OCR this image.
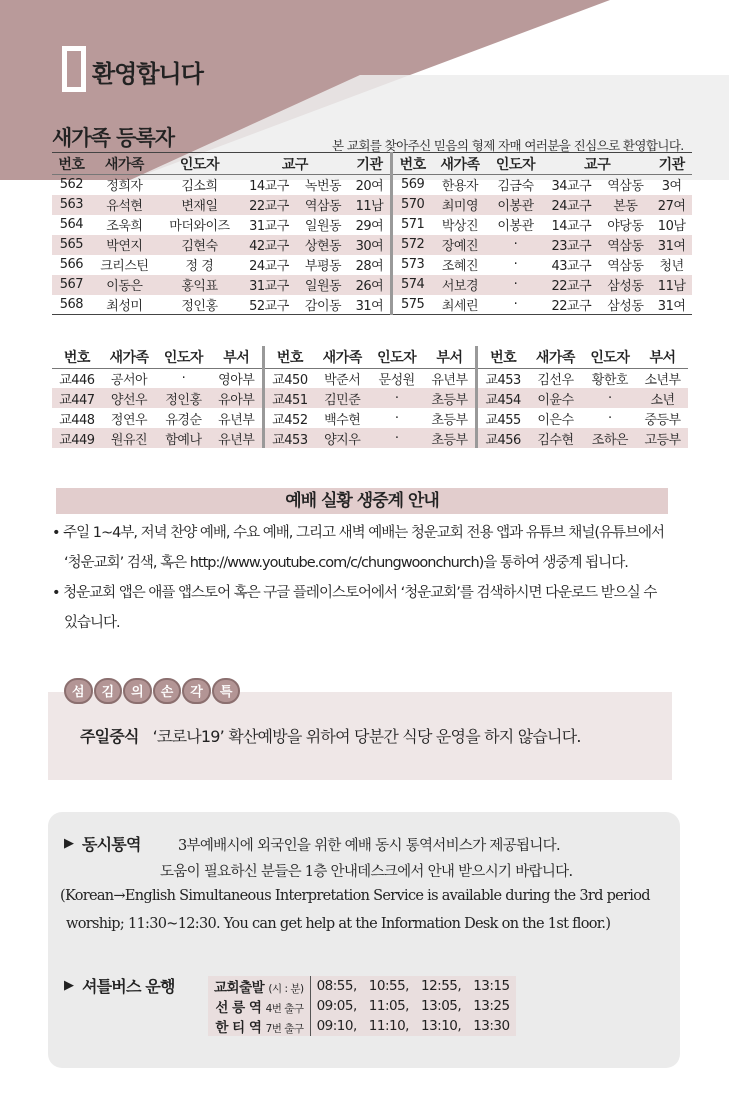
환영합니다
새가족 등록자	본 교회를 찾아주신 믿음의 형제 자매 여러분을 진심으로 환영합니다.
번호	새가족	인도자	교구		기관	번호	새가족	인도자	교구		기관
562	정희자	김소희	14교구	녹번동	20여	569	한용자	김금숙	34교구	역삼동	3여
563	유석현	변재일	22교구	역삼동	11남	570	최미영	이봉관	24교구	본동	27여
564	조욱희	마더와이즈	31교구	일원동	29여	571	박상진	이봉관	14교구	야당동	10남
565	박연지	김현숙	42교구	상현동	30여	572	장예진	·	23교구	역삼동	31여
566	크리스틴	정 경	24교구	부평동	28여	573	조혜진	·	43교구	역삼동	청년
567	이동은	홍익표	31교구	일원동	26여	574	서보경	·	22교구	삼성동	11남
568	최성미	정인홍	52교구	감이동	31여	575	최세린	·	22교구	삼성동	31여
번호	새가족	인도자	부서	번호	새가족	인도자	부서	번호	새가족	인도자	부서
교446	공서아	·	영아부	교450	박준서	문성원	유년부	교453	김선우	황한호	소년부
교447	양선우	정인홍	유아부	교451	김민준	·	초등부	교454	이윤수	·	소년
교448	정연우	유경순	유년부	교452	백수현	·	초등부	교455	이은수	·	중등부
교449	원유진	함예나	유년부	교453	양지우	·	초등부	교456	김수현	조하은	고등부
예배 실황 생중계 안내

• 주일 1~4부, 저녁 찬양 예배, 수요 예배, 그리고 새벽 예배는 청운교회 전용 앱과 유튜브 채널(유튜브에서 ‘청운교회’ 검색, 혹은 http://www.youtube.com/c/chungwoonchurch)을 통하여 생중계 됩니다.

• 청운교회 앱은 애플 앱스토어 혹은 구글 플레이스토어에서 ‘청운교회’를 검색하시면 다운로드 받으실 수 있습니다.

섬	김	의	손	각	특
주일중식 ‘코로나19’ 확산예방을 위하여 당분간 식당 운영을 하지 않습니다.
▶ 동시통역	3부예배시에 외국인을 위한 예배 동시 통역서비스가 제공됩니다.
도움이 필요하신 분들은 1층 안내데스크에서 안내 받으시기 바랍니다.
(Korean→English Simultaneous Interpretation Service is available during the 3rd period
worship; 11:30~12:30. You can get help at the Information Desk on the 1st floor.)
▶ 셔틀버스 운행	교회출발 (시 : 분)	08:55,	10:55,	12:55,	13:15
선 릉 역 4번 출구	09:05,	11:05,	13:05,	13:25
한 티 역 7번 출구	09:10,	11:10,	13:10,	13:30
